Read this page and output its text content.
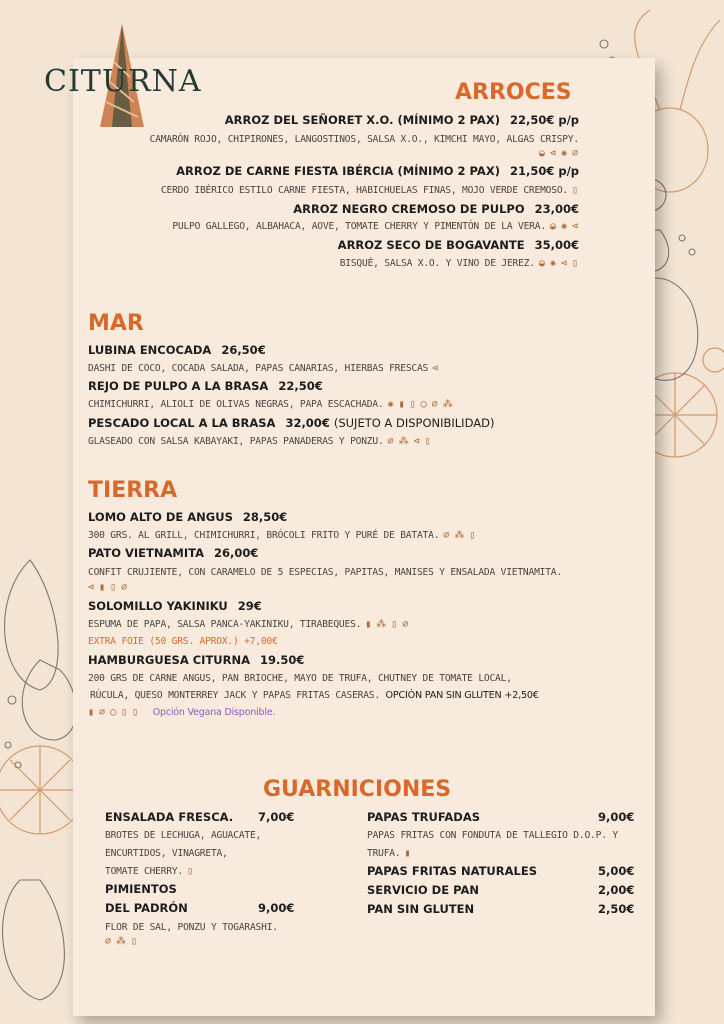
CITURNA	ARROCES
ARROZ DEL SEÑORET X.O. (MÍNIMO 2 PAX) 22,50€ p/p
CAMARÓN ROJO, CHIPIRONES, LANGOSTINOS, SALSA X.O., KIMCHI MAYO, ALGAS CRISPY.
◒ ⊲ ✺ ⌀
ARROZ DE CARNE FIESTA IBÉRCIA (MÍNIMO 2 PAX) 21,50€ p/p
CERDO IBÉRICO ESTILO CARNE FIESTA, HABICHUELAS FINAS, MOJO VERDE CREMOSO. ▯
ARROZ NEGRO CREMOSO DE PULPO 23,00€
PULPO GALLEGO, ALBAHACA, AOVE, TOMATE CHERRY Y PIMENTÓN DE LA VERA. ◒ ✺ ⊲
ARROZ SECO DE BOGAVANTE 35,00€
BISQUÉ, SALSA X.O. Y VINO DE JEREZ. ◒ ✺ ⊲ ▯
MAR
LUBINA ENCOCADA 26,50€
DASHI DE COCO, COCADA SALADA, PAPAS CANARIAS, HIERBAS FRESCAS ⊲
REJO DE PULPO A LA BRASA 22,50€
CHIMICHURRI, ALIOLI DE OLIVAS NEGRAS, PAPA ESCACHADA. ✺ ▮ ▯ ◯ ⌀ ⁂
PESCADO LOCAL A LA BRASA 32,00€ (SUJETO A DISPONIBILIDAD)
GLASEADO CON SALSA KABAYAKI, PAPAS PANADERAS Y PONZU. ⌀ ⁂ ⊲ ▯
TIERRA
LOMO ALTO DE ANGUS 28,50€
300 GRS. AL GRILL, CHIMICHURRI, BRÓCOLI FRITO Y PURÉ DE BATATA. ⌀ ⁂ ▯
PATO VIETNAMITA 26,00€
CONFIT CRUJIENTE, CON CARAMELO DE 5 ESPECIAS, PAPITAS, MANISES Y ENSALADA VIETNAMITA.
⊲ ▮ ▯ ⌀
SOLOMILLO YAKINIKU 29€
ESPUMA DE PAPA, SALSA PANCA-YAKINIKU, TIRABEQUES. ▮ ⁂ ▯ ⌀
EXTRA FOIE (50 GRS. APROX.) +7,00€
HAMBURGUESA CITURNA 19.50€
200 GRS DE CARNE ANGUS, PAN BRIOCHE, MAYO DE TRUFA, CHUTNEY DE TOMATE LOCAL,
RÚCULA, QUESO MONTERREY JACK Y PAPAS FRITAS CASERAS. OPCIÓN PAN SIN GLUTEN +2,50€
▮ ⌀ ◯ ▯ ▯ Opción Vegana Disponible.
GUARNICIONES
ENSALADA FRESCA. 7,00€
BROTES DE LECHUGA, AGUACATE,
ENCURTIDOS, VINAGRETA,
TOMATE CHERRY. ▯
PIMIENTOS
DEL PADRÓN	9,00€
FLOR DE SAL, PONZU Y TOGARASHI.
⌀ ⁂ ▯
PAPAS TRUFADAS	9,00€
PAPAS FRITAS CON FONDUTA DE TALLEGIO D.O.P. Y
TRUFA. ▮
PAPAS FRITAS NATURALES	5,00€
SERVICIO DE PAN	2,00€
PAN SIN GLUTEN	2,50€
